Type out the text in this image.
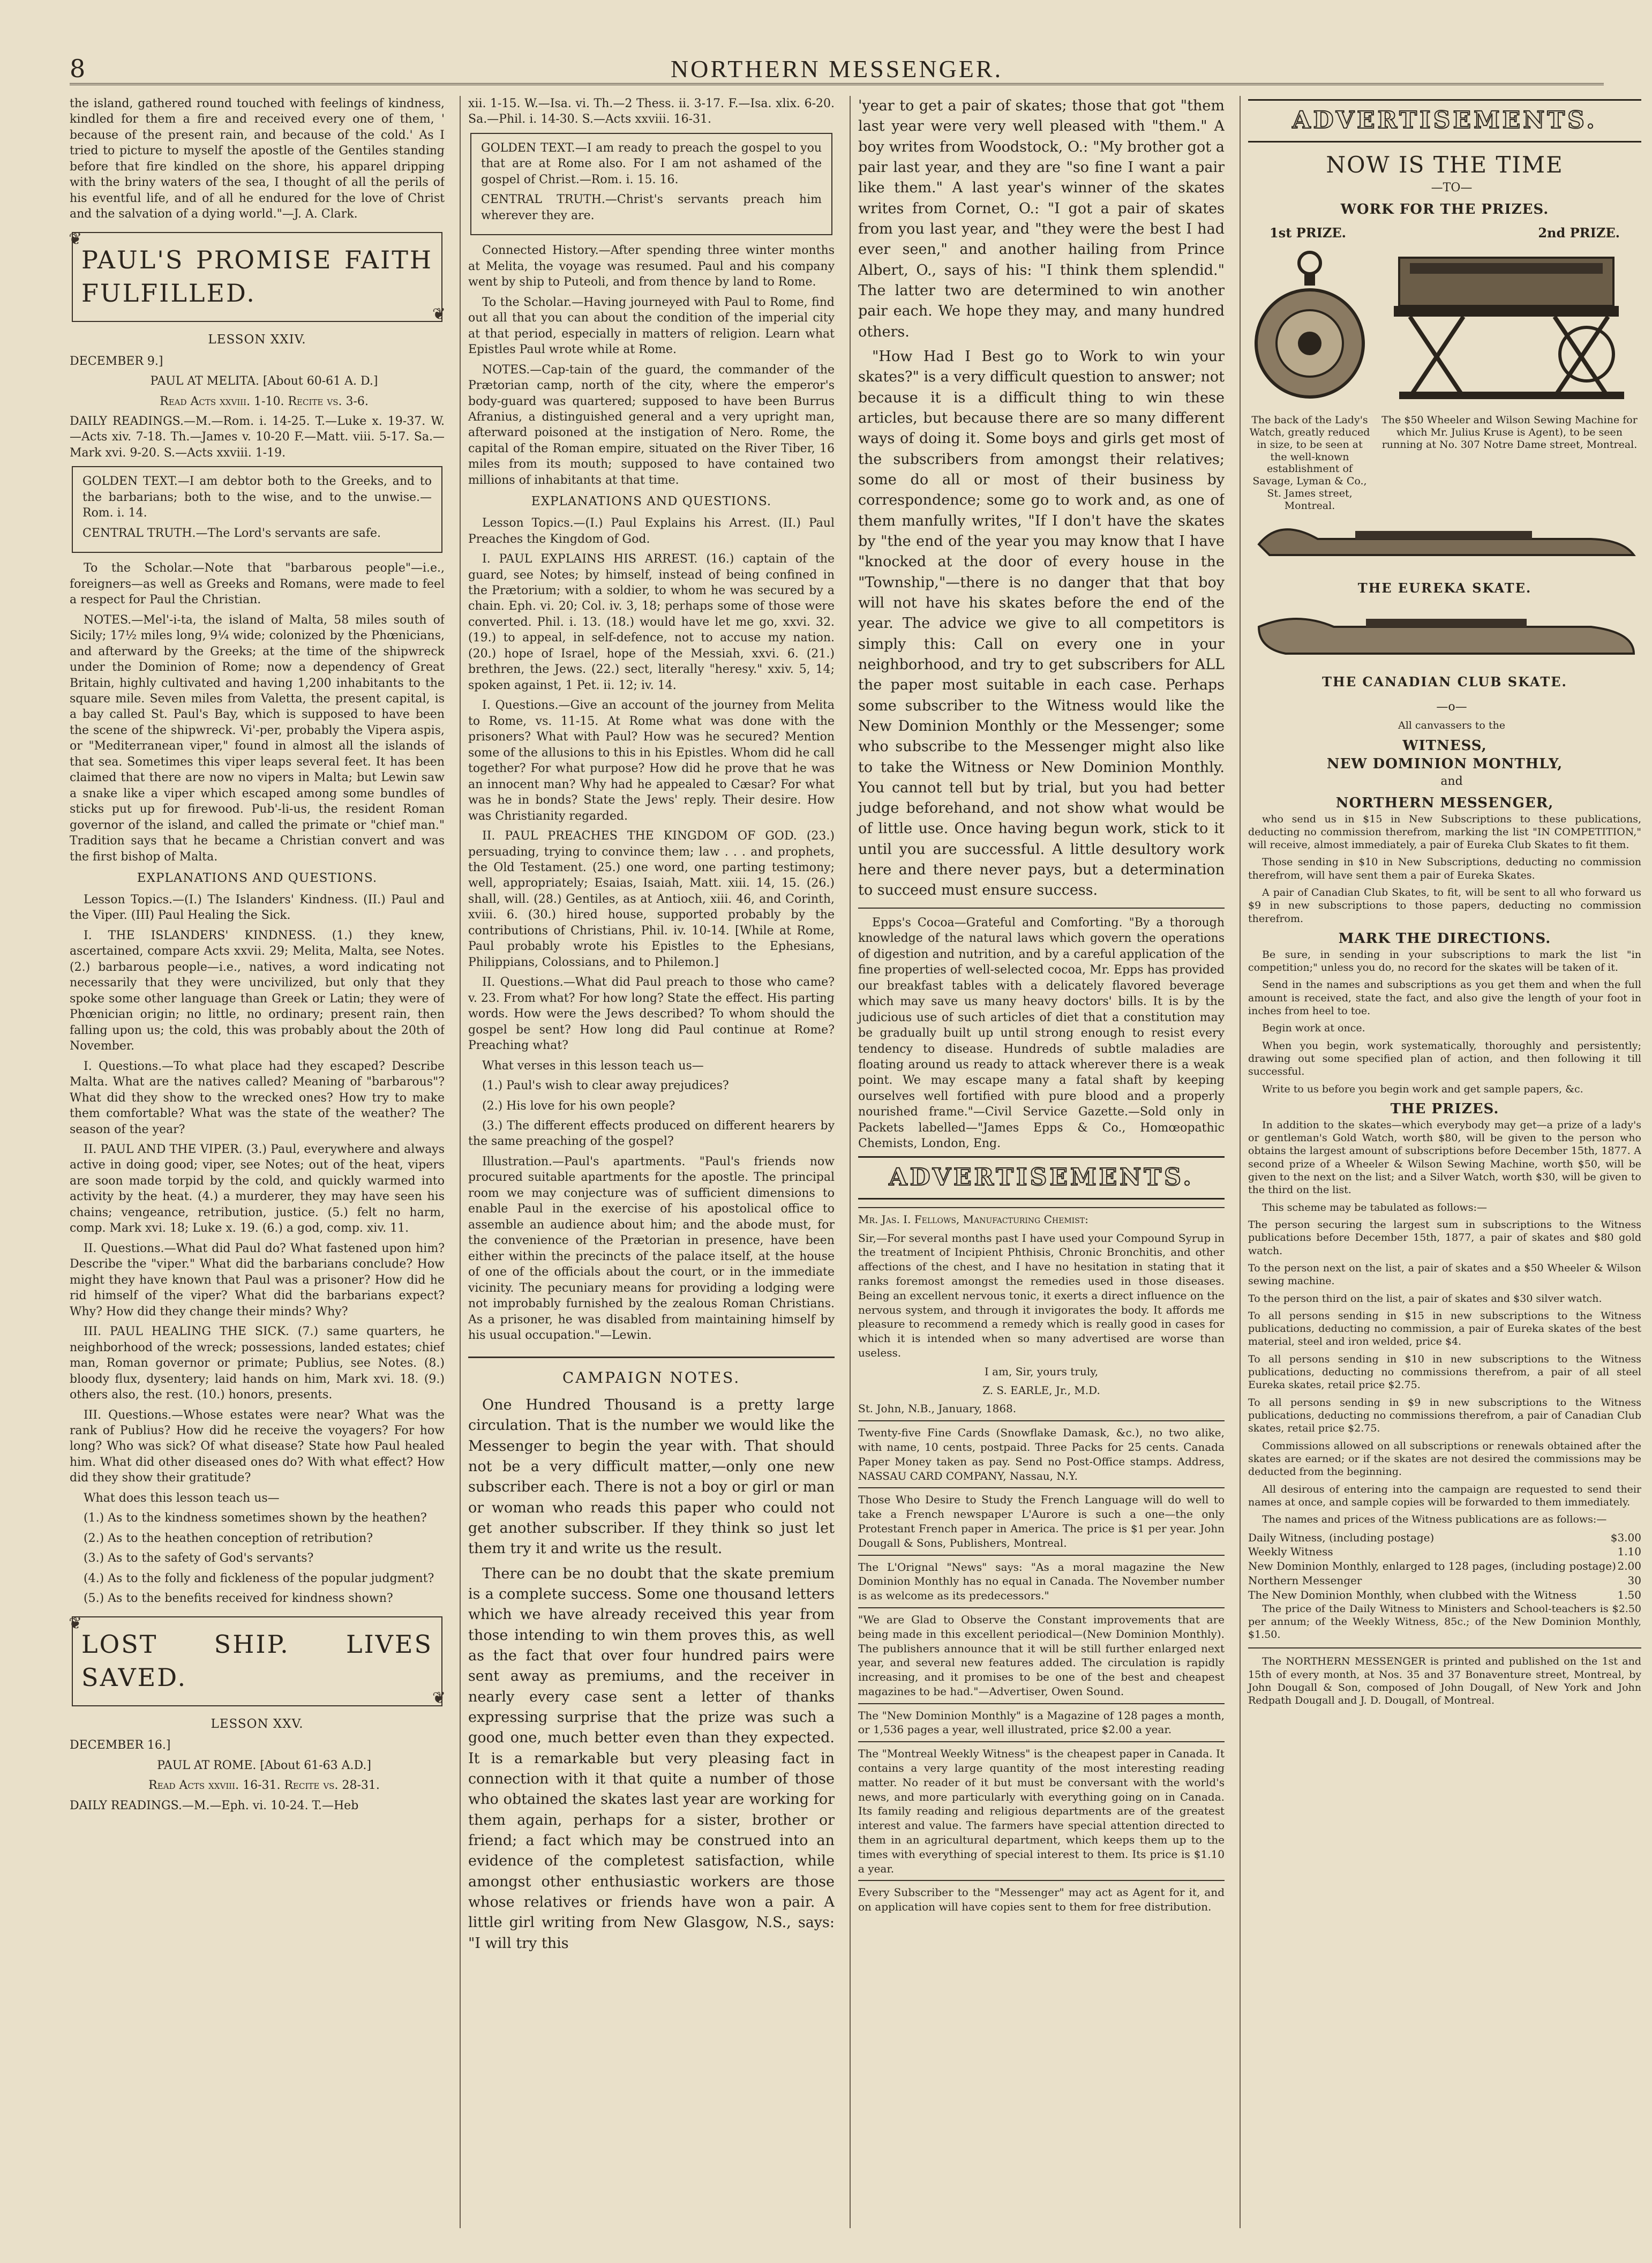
8	NORTHERN MESSENGER.

the island, gathered round touched with feelings of kindness, kindled for them a fire and received every one of them, ' because of the present rain, and because of the cold.' As I tried to picture to myself the apostle of the Gentiles standing before that fire kindled on the shore, his apparel dripping with the briny waters of the sea, I thought of all the perils of his eventful life, and of all he endured for the love of Christ and the salvation of a dying world."—J. A. Clark.

❦ PAUL'S PROMISE FAITH FULFILLED.
❦
LESSON XXIV.

DECEMBER 9.]

PAUL AT MELITA. [About 60-61 A. D.]

Read Acts xxviii. 1-10. Recite vs. 3-6.

DAILY READINGS.—M.—Rom. i. 14-25. T.—Luke x. 19-37. W.—Acts xiv. 7-18. Th.—James v. 10-20 F.—Matt. viii. 5-17. Sa.—Mark xvi. 9-20. S.—Acts xxviii. 1-19.

GOLDEN TEXT.—I am debtor both to the Greeks, and to the barbarians; both to the wise, and to the unwise.—Rom. i. 14.

CENTRAL TRUTH.—The Lord's servants are safe.

To the Scholar.—Note that "barbarous people"—i.e., foreigners—as well as Greeks and Romans, were made to feel a respect for Paul the Christian.

NOTES.—Mel'-i-ta, the island of Malta, 58 miles south of Sicily; 17½ miles long, 9¼ wide; colonized by the Phœnicians, and afterward by the Greeks; at the time of the shipwreck under the Dominion of Rome; now a dependency of Great Britain, highly cultivated and having 1,200 inhabitants to the square mile. Seven miles from Valetta, the present capital, is a bay called St. Paul's Bay, which is supposed to have been the scene of the shipwreck. Vi'-per, probably the Vipera aspis, or "Mediterranean viper," found in almost all the islands of that sea. Sometimes this viper leaps several feet. It has been claimed that there are now no vipers in Malta; but Lewin saw a snake like a viper which escaped among some bundles of sticks put up for firewood. Pub'-li-us, the resident Roman governor of the island, and called the primate or "chief man." Tradition says that he became a Christian convert and was the first bishop of Malta.

EXPLANATIONS AND QUESTIONS.

Lesson Topics.—(I.) The Islanders' Kindness. (II.) Paul and the Viper. (III) Paul Healing the Sick.

I. THE ISLANDERS' KINDNESS. (1.) they knew, ascertained, compare Acts xxvii. 29; Melita, Malta, see Notes. (2.) barbarous people—i.e., natives, a word indicating not necessarily that they were uncivilized, but only that they spoke some other language than Greek or Latin; they were of Phœnician origin; no little, no ordinary; present rain, then falling upon us; the cold, this was probably about the 20th of November.

I. Questions.—To what place had they escaped? Describe Malta. What are the natives called? Meaning of "barbarous"? What did they show to the wrecked ones? How try to make them comfortable? What was the state of the weather? The season of the year?

II. PAUL AND THE VIPER. (3.) Paul, everywhere and always active in doing good; viper, see Notes; out of the heat, vipers are soon made torpid by the cold, and quickly warmed into activity by the heat. (4.) a murderer, they may have seen his chains; vengeance, retribution, justice. (5.) felt no harm, comp. Mark xvi. 18; Luke x. 19. (6.) a god, comp. xiv. 11.

II. Questions.—What did Paul do? What fastened upon him? Describe the "viper." What did the barbarians conclude? How might they have known that Paul was a prisoner? How did he rid himself of the viper? What did the barbarians expect? Why? How did they change their minds? Why?

III. PAUL HEALING THE SICK. (7.) same quarters, he neighborhood of the wreck; possessions, landed estates; chief man, Roman governor or primate; Publius, see Notes. (8.) bloody flux, dysentery; laid hands on him, Mark xvi. 18. (9.) others also, the rest. (10.) honors, presents.

III. Questions.—Whose estates were near? What was the rank of Publius? How did he receive the voyagers? For how long? Who was sick? Of what disease? State how Paul healed him. What did other diseased ones do? With what effect? How did they show their gratitude?

What does this lesson teach us—

(1.) As to the kindness sometimes shown by the heathen?

(2.) As to the heathen conception of retribution?

(3.) As to the safety of God's servants?

(4.) As to the folly and fickleness of the popular judgment?

(5.) As to the benefits received for kindness shown?

❦ LOST SHIP. LIVES SAVED.
❦
LESSON XXV.

DECEMBER 16.]

PAUL AT ROME. [About 61-63 A.D.]

Read Acts xxviii. 16-31. Recite vs. 28-31.

DAILY READINGS.—M.—Eph. vi. 10-24. T.—Heb

xii. 1-15. W.—Isa. vi. Th.—2 Thess. ii. 3-17. F.—Isa. xlix. 6-20. Sa.—Phil. i. 14-30. S.—Acts xxviii. 16-31.

GOLDEN TEXT.—I am ready to preach the gospel to you that are at Rome also. For I am not ashamed of the gospel of Christ.—Rom. i. 15. 16.

CENTRAL TRUTH.—Christ's servants preach him wherever they are.

Connected History.—After spending three winter months at Melita, the voyage was resumed. Paul and his company went by ship to Puteoli, and from thence by land to Rome.

To the Scholar.—Having journeyed with Paul to Rome, find out all that you can about the condition of the imperial city at that period, especially in matters of religion. Learn what Epistles Paul wrote while at Rome.

NOTES.—Cap-tain of the guard, the commander of the Prætorian camp, north of the city, where the emperor's body-guard was quartered; supposed to have been Burrus Afranius, a distinguished general and a very upright man, afterward poisoned at the instigation of Nero. Rome, the capital of the Roman empire, situated on the River Tiber, 16 miles from its mouth; supposed to have contained two millions of inhabitants at that time.

EXPLANATIONS AND QUESTIONS.

Lesson Topics.—(I.) Paul Explains his Arrest. (II.) Paul Preaches the Kingdom of God.

I. PAUL EXPLAINS HIS ARREST. (16.) captain of the guard, see Notes; by himself, instead of being confined in the Prætorium; with a soldier, to whom he was secured by a chain. Eph. vi. 20; Col. iv. 3, 18; perhaps some of those were converted. Phil. i. 13. (18.) would have let me go, xxvi. 32. (19.) to appeal, in self-defence, not to accuse my nation. (20.) hope of Israel, hope of the Messiah, xxvi. 6. (21.) brethren, the Jews. (22.) sect, literally "heresy." xxiv. 5, 14; spoken against, 1 Pet. ii. 12; iv. 14.

I. Questions.—Give an account of the journey from Melita to Rome, vs. 11-15. At Rome what was done with the prisoners? What with Paul? How was he secured? Mention some of the allusions to this in his Epistles. Whom did he call together? For what purpose? How did he prove that he was an innocent man? Why had he appealed to Cæsar? For what was he in bonds? State the Jews' reply. Their desire. How was Christianity regarded.

II. PAUL PREACHES THE KINGDOM OF GOD. (23.) persuading, trying to convince them; law . . . and prophets, the Old Testament. (25.) one word, one parting testimony; well, appropriately; Esaias, Isaiah, Matt. xiii. 14, 15. (26.) shall, will. (28.) Gentiles, as at Antioch, xiii. 46, and Corinth, xviii. 6. (30.) hired house, supported probably by the contributions of Christians, Phil. iv. 10-14. [While at Rome, Paul probably wrote his Epistles to the Ephesians, Philippians, Colossians, and to Philemon.]

II. Questions.—What did Paul preach to those who came? v. 23. From what? For how long? State the effect. His parting words. How were the Jews described? To whom should the gospel be sent? How long did Paul continue at Rome? Preaching what?

What verses in this lesson teach us—

(1.) Paul's wish to clear away prejudices?

(2.) His love for his own people?

(3.) The different effects produced on different hearers by the same preaching of the gospel?

Illustration.—Paul's apartments. "Paul's friends now procured suitable apartments for the apostle. The principal room we may conjecture was of sufficient dimensions to enable Paul in the exercise of his apostolical office to assemble an audience about him; and the abode must, for the convenience of the Prætorian in presence, have been either within the precincts of the palace itself, at the house of one of the officials about the court, or in the immediate vicinity. The pecuniary means for providing a lodging were not improbably furnished by the zealous Roman Christians. As a prisoner, he was disabled from maintaining himself by his usual occupation."—Lewin.

CAMPAIGN NOTES.

One Hundred Thousand is a pretty large circulation. That is the number we would like the Messenger to begin the year with. That should not be a very difficult matter,—only one new subscriber each. There is not a boy or girl or man or woman who reads this paper who could not get another subscriber. If they think so just let them try it and write us the result.

There can be no doubt that the skate premium is a complete success. Some one thousand letters which we have already received this year from those intending to win them proves this, as well as the fact that over four hundred pairs were sent away as premiums, and the receiver in nearly every case sent a letter of thanks expressing surprise that the prize was such a good one, much better even than they expected. It is a remarkable but very pleasing fact in connection with it that quite a number of those who obtained the skates last year are working for them again, perhaps for a sister, brother or friend; a fact which may be construed into an evidence of the completest satisfaction, while amongst other enthusiastic workers are those whose relatives or friends have won a pair. A little girl writing from New Glasgow, N.S., says: "I will try this

'year to get a pair of skates; those that got "them last year were very well pleased with "them." A boy writes from Woodstock, O.: "My brother got a pair last year, and they are "so fine I want a pair like them." A last year's winner of the skates writes from Cornet, O.: "I got a pair of skates from you last year, and "they were the best I had ever seen," and another hailing from Prince Albert, O., says of his: "I think them splendid." The latter two are determined to win another pair each. We hope they may, and many hundred others.

"How Had I Best go to Work to win your skates?" is a very difficult question to answer; not because it is a difficult thing to win these articles, but because there are so many different ways of doing it. Some boys and girls get most of the subscribers from amongst their relatives; some do all or most of their business by correspondence; some go to work and, as one of them manfully writes, "If I don't have the skates by "the end of the year you may know that I have "knocked at the door of every house in the "Township,"—there is no danger that that boy will not have his skates before the end of the year. The advice we give to all competitors is simply this: Call on every one in your neighborhood, and try to get subscribers for ALL the paper most suitable in each case. Perhaps some subscriber to the Witness would like the New Dominion Monthly or the Messenger; some who subscribe to the Messenger might also like to take the Witness or New Dominion Monthly. You cannot tell but by trial, but you had better judge beforehand, and not show what would be of little use. Once having begun work, stick to it until you are successful. A little desultory work here and there never pays, but a determination to succeed must ensure success.

Epps's Cocoa—Grateful and Comforting. "By a thorough knowledge of the natural laws which govern the operations of digestion and nutrition, and by a careful application of the fine properties of well-selected cocoa, Mr. Epps has provided our breakfast tables with a delicately flavored beverage which may save us many heavy doctors' bills. It is by the judicious use of such articles of diet that a constitution may be gradually built up until strong enough to resist every tendency to disease. Hundreds of subtle maladies are floating around us ready to attack wherever there is a weak point. We may escape many a fatal shaft by keeping ourselves well fortified with pure blood and a properly nourished frame."—Civil Service Gazette.—Sold only in Packets labelled—"James Epps & Co., Homœopathic Chemists, London, Eng.

ADVERTISEMENTS.

Mr. Jas. I. Fellows, Manufacturing Chemist:

Sir,—For several months past I have used your Compound Syrup in the treatment of Incipient Phthisis, Chronic Bronchitis, and other affections of the chest, and I have no hesitation in stating that it ranks foremost amongst the remedies used in those diseases. Being an excellent nervous tonic, it exerts a direct influence on the nervous system, and through it invigorates the body. It affords me pleasure to recommend a remedy which is really good in cases for which it is intended when so many advertised are worse than useless.

I am, Sir, yours truly,

Z. S. EARLE, Jr., M.D.

St. John, N.B., January, 1868.

Twenty-five Fine Cards (Snowflake Damask, &c.), no two alike, with name, 10 cents, postpaid. Three Packs for 25 cents. Canada Paper Money taken as pay. Send no Post-Office stamps. Address, NASSAU CARD COMPANY, Nassau, N.Y.

Those Who Desire to Study the French Language will do well to take a French newspaper L'Aurore is such a one—the only Protestant French paper in America. The price is $1 per year. John Dougall & Sons, Publishers, Montreal.

The L'Orignal "News" says: "As a moral magazine the New Dominion Monthly has no equal in Canada. The November number is as welcome as its predecessors."

"We are Glad to Observe the Constant improvements that are being made in this excellent periodical—(New Dominion Monthly). The publishers announce that it will be still further enlarged next year, and several new features added. The circulation is rapidly increasing, and it promises to be one of the best and cheapest magazines to be had."—Advertiser, Owen Sound.

The "New Dominion Monthly" is a Magazine of 128 pages a month, or 1,536 pages a year, well illustrated, price $2.00 a year.

The "Montreal Weekly Witness" is the cheapest paper in Canada. It contains a very large quantity of the most interesting reading matter. No reader of it but must be conversant with the world's news, and more particularly with everything going on in Canada. Its family reading and religious departments are of the greatest interest and value. The farmers have special attention directed to them in an agricultural department, which keeps them up to the times with everything of special interest to them. Its price is $1.10 a year.

Every Subscriber to the "Messenger" may act as Agent for it, and on application will have copies sent to them for free distribution.

ADVERTISEMENTS.
NOW IS THE TIME

—TO—

WORK FOR THE PRIZES.
1st PRIZE.	2nd PRIZE.
The back of the Lady's Watch, greatly reduced in size, to be seen at the well-known establishment of Savage, Lyman & Co., St. James street, Montreal.
The $50 Wheeler and Wilson Sewing Machine for which Mr. Julius Kruse is Agent), to be seen running at No. 307 Notre Dame street, Montreal.
THE EUREKA SKATE.
THE CANADIAN CLUB SKATE.

—o—

All canvassers to the

WITNESS,
NEW DOMINION MONTHLY,

and

NORTHERN MESSENGER,

who send us in $15 in New Subscriptions to these publications, deducting no commission therefrom, marking the list "IN COMPETITION," will receive, almost immediately, a pair of Eureka Club Skates to fit them.

Those sending in $10 in New Subscriptions, deducting no commission therefrom, will have sent them a pair of Eureka Skates.

A pair of Canadian Club Skates, to fit, will be sent to all who forward us $9 in new subscriptions to those papers, deducting no commission therefrom.

MARK THE DIRECTIONS.

Be sure, in sending in your subscriptions to mark the list "in competition;" unless you do, no record for the skates will be taken of it.

Send in the names and subscriptions as you get them and when the full amount is received, state the fact, and also give the length of your foot in inches from heel to toe.

Begin work at once.

When you begin, work systematically, thoroughly and persistently; drawing out some specified plan of action, and then following it till successful.

Write to us before you begin work and get sample papers, &c.

THE PRIZES.

In addition to the skates—which everybody may get—a prize of a lady's or gentleman's Gold Watch, worth $80, will be given to the person who obtains the largest amount of subscriptions before December 15th, 1877. A second prize of a Wheeler & Wilson Sewing Machine, worth $50, will be given to the next on the list; and a Silver Watch, worth $30, will be given to the third on the list.

This scheme may be tabulated as follows:—

The person securing the largest sum in subscriptions to the Witness publications before December 15th, 1877, a pair of skates and $80 gold watch.

To the person next on the list, a pair of skates and a $50 Wheeler & Wilson sewing machine.

To the person third on the list, a pair of skates and $30 silver watch.

To all persons sending in $15 in new subscriptions to the Witness publications, deducting no commission, a pair of Eureka skates of the best material, steel and iron welded, price $4.

To all persons sending in $10 in new subscriptions to the Witness publications, deducting no commissions therefrom, a pair of all steel Eureka skates, retail price $2.75.

To all persons sending in $9 in new subscriptions to the Witness publications, deducting no commissions therefrom, a pair of Canadian Club skates, retail price $2.75.

Commissions allowed on all subscriptions or renewals obtained after the skates are earned; or if the skates are not desired the commissions may be deducted from the beginning.

All desirous of entering into the campaign are requested to send their names at once, and sample copies will be forwarded to them immediately.

The names and prices of the Witness publications are as follows:—

Daily Witness, (including postage)	$3.00
Weekly Witness	1.10
New Dominion Monthly, enlarged to 128 pages, (including postage) 2.00
Northern Messenger	30
The New Dominion Monthly, when clubbed with the Witness	1.50

The price of the Daily Witness to Ministers and School-teachers is $2.50 per annum; of the Weekly Witness, 85c.; of the New Dominion Monthly, $1.50.

The NORTHERN MESSENGER is printed and published on the 1st and 15th of every month, at Nos. 35 and 37 Bonaventure street, Montreal, by John Dougall & Son, composed of John Dougall, of New York and John Redpath Dougall and J. D. Dougall, of Montreal.
